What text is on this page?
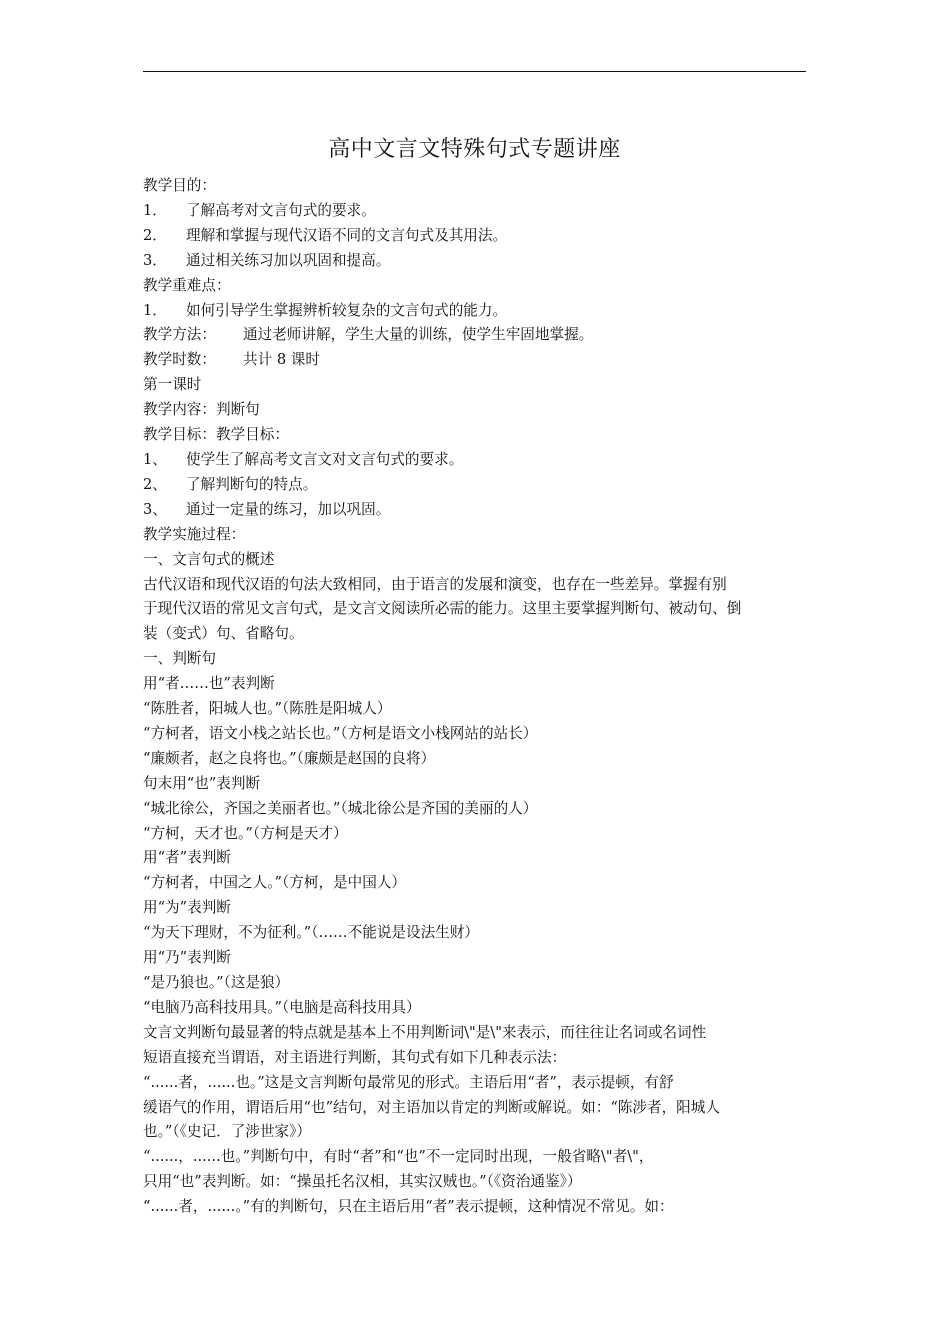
高中文言文特殊句式专题讲座
教学目的：
1． 了解高考对文言句式的要求。
2． 理解和掌握与现代汉语不同的文言句式及其用法。
3． 通过相关练习加以巩固和提高。
教学重难点：
1． 如何引导学生掌握辨析较复杂的文言句式的能力。
教学方法： 通过老师讲解，学生大量的训练，使学生牢固地掌握。
教学时数： 共计 8 课时
第一课时
教学内容：判断句
教学目标：教学目标：
1、 使学生了解高考文言文对文言句式的要求。
2、 了解判断句的特点。
3、 通过一定量的练习，加以巩固。
教学实施过程：
一、文言句式的概述
古代汉语和现代汉语的句法大致相同，由于语言的发展和演变，也存在一些差异。掌握有别
于现代汉语的常见文言句式，是文言文阅读所必需的能力。这里主要掌握判断句、被动句、倒
装（变式）句、省略句。
一、判断句
用“者……也”表判断
“陈胜者，阳城人也。”（陈胜是阳城人）
“方柯者，语文小栈之站长也。”（方柯是语文小栈网站的站长）
“廉颇者，赵之良将也。”（廉颇是赵国的良将）
句末用“也”表判断
“城北徐公，齐国之美丽者也。”（城北徐公是齐国的美丽的人）
“方柯，天才也。”（方柯是天才）
用“者”表判断
“方柯者，中国之人。”（方柯，是中国人）
用“为”表判断
“为天下理财，不为征利。”（……不能说是设法生财）
用“乃”表判断
“是乃狼也。”（这是狼）
“电脑乃高科技用具。”（电脑是高科技用具）
文言文判断句最显著的特点就是基本上不用判断词\"是\"来表示，而往往让名词或名词性
短语直接充当谓语，对主语进行判断，其句式有如下几种表示法：
“......者，......也。”这是文言判断句最常见的形式。主语后用“者”，表示提顿，有舒
缓语气的作用，谓语后用“也”结句，对主语加以肯定的判断或解说。如：“陈涉者，阳城人
也。”（《史记．了涉世家》）
“......，......也。”判断句中，有时“者”和“也”不一定同时出现，一般省略\"者\"，
只用“也”表判断。如：“操虽托名汉相，其实汉贼也。”（《资治通鉴》）
“......者，......。”有的判断句，只在主语后用“者”表示提顿，这种情况不常见。如：
